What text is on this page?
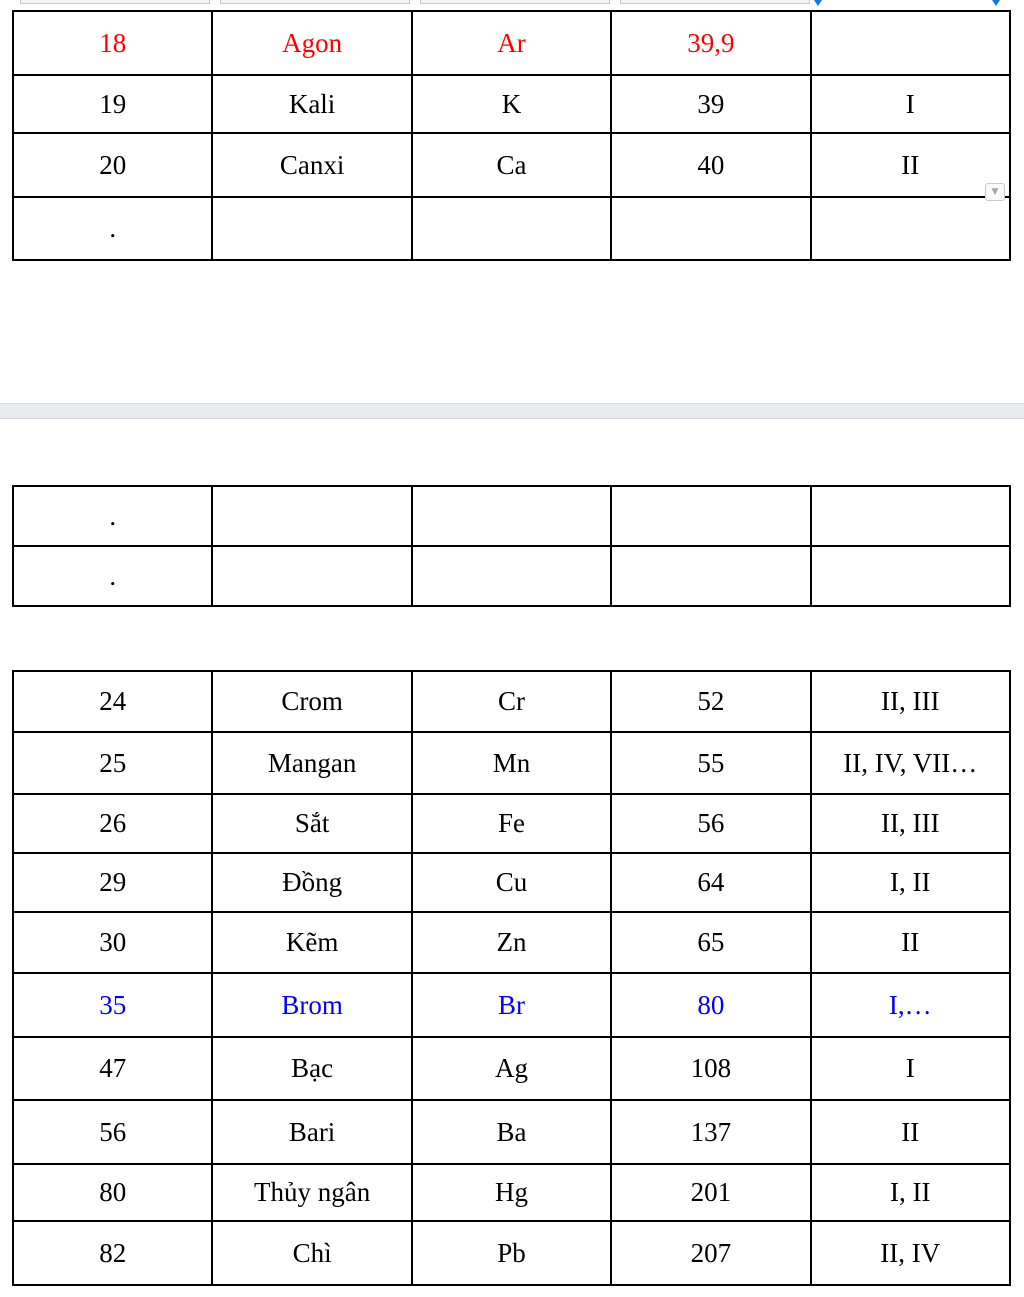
18	Agon	Ar	39,9	
19	Kali	K	39	I
20	Canxi	Ca	40	II
.				
▼
.				
.				
24	Crom	Cr	52	II, III
25	Mangan	Mn	55	II, IV, VII…
26	Sắt	Fe	56	II, III
29	Đồng	Cu	64	I, II
30	Kẽm	Zn	65	II
35	Brom	Br	80	I,…
47	Bạc	Ag	108	I
56	Bari	Ba	137	II
80	Thủy ngân	Hg	201	I, II
82	Chì	Pb	207	II, IV
